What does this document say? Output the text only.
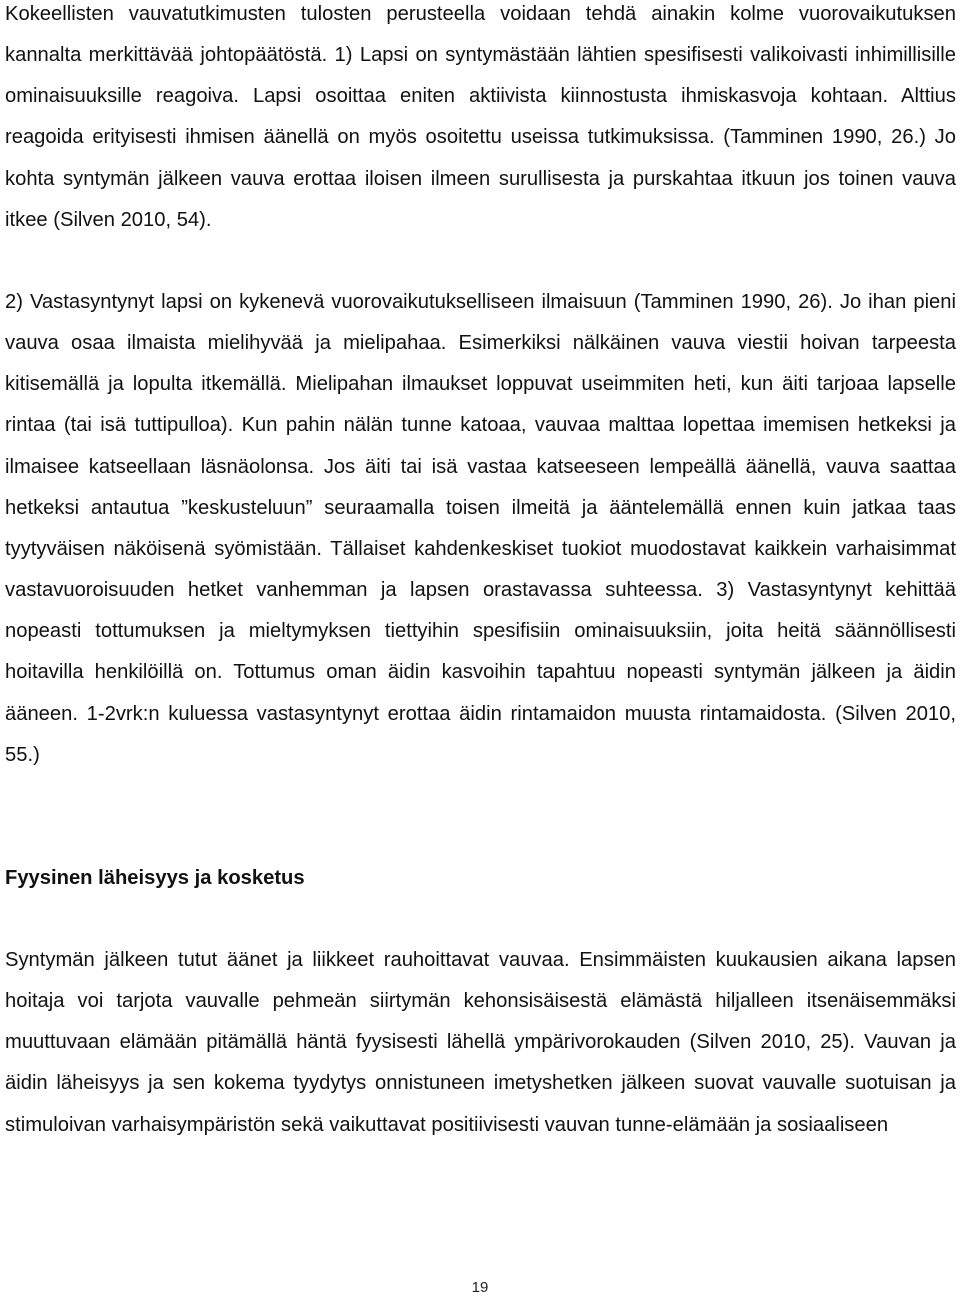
Kokeellisten vauvatutkimusten tulosten perusteella voidaan tehdä ainakin kolme vuorovaikutuksen kannalta merkittävää johtopäätöstä. 1) Lapsi on syntymästään lähtien spesifisesti valikoivasti inhimillisille ominaisuuksille reagoiva. Lapsi osoittaa eniten aktiivista kiinnostusta ihmiskasvoja kohtaan. Alttius reagoida erityisesti ihmisen äänellä on myös osoitettu useissa tutkimuksissa. (Tamminen 1990, 26.) Jo kohta syntymän jälkeen vauva erottaa iloisen ilmeen surullisesta ja purskahtaa itkuun jos toinen vauva itkee (Silven 2010, 54).

2) Vastasyntynyt lapsi on kykenevä vuorovaikutukselliseen ilmaisuun (Tamminen 1990, 26). Jo ihan pieni vauva osaa ilmaista mielihyvää ja mielipahaa. Esimerkiksi nälkäinen vauva viestii hoivan tarpeesta kitisemällä ja lopulta itkemällä. Mielipahan ilmaukset loppuvat useimmiten heti, kun äiti tarjoaa lapselle rintaa (tai isä tuttipulloa). Kun pahin nälän tunne katoaa, vauvaa malttaa lopettaa imemisen hetkeksi ja ilmaisee katseellaan läsnäolonsa. Jos äiti tai isä vastaa katseeseen lempeällä äänellä, vauva saattaa hetkeksi antautua ”keskusteluun” seuraamalla toisen ilmeitä ja ääntelemällä ennen kuin jatkaa taas tyytyväisen näköisenä syömistään. Tällaiset kahdenkeskiset tuokiot muodostavat kaikkein varhaisimmat vastavuoroisuuden hetket vanhemman ja lapsen orastavassa suhteessa. 3) Vastasyntynyt kehittää nopeasti tottumuksen ja mieltymyksen tiettyihin spesifisiin ominaisuuksiin, joita heitä säännöllisesti hoitavilla henkilöillä on. Tottumus oman äidin kasvoihin tapahtuu nopeasti syntymän jälkeen ja äidin ääneen. 1-2vrk:n kuluessa vastasyntynyt erottaa äidin rintamaidon muusta rintamaidosta. (Silven 2010, 55.)

Fyysinen läheisyys ja kosketus

Syntymän jälkeen tutut äänet ja liikkeet rauhoittavat vauvaa. Ensimmäisten kuukausien aikana lapsen hoitaja voi tarjota vauvalle pehmeän siirtymän kehonsisäisestä elämästä hiljalleen itsenäisemmäksi muuttuvaan elämään pitämällä häntä fyysisesti lähellä ympärivorokauden (Silven 2010, 25). Vauvan ja äidin läheisyys ja sen kokema tyydytys onnistuneen imetyshetken jälkeen suovat vauvalle suotuisan ja stimuloivan varhaisympäristön sekä vaikuttavat positiivisesti vauvan tunne-elämään ja sosiaaliseen

19
